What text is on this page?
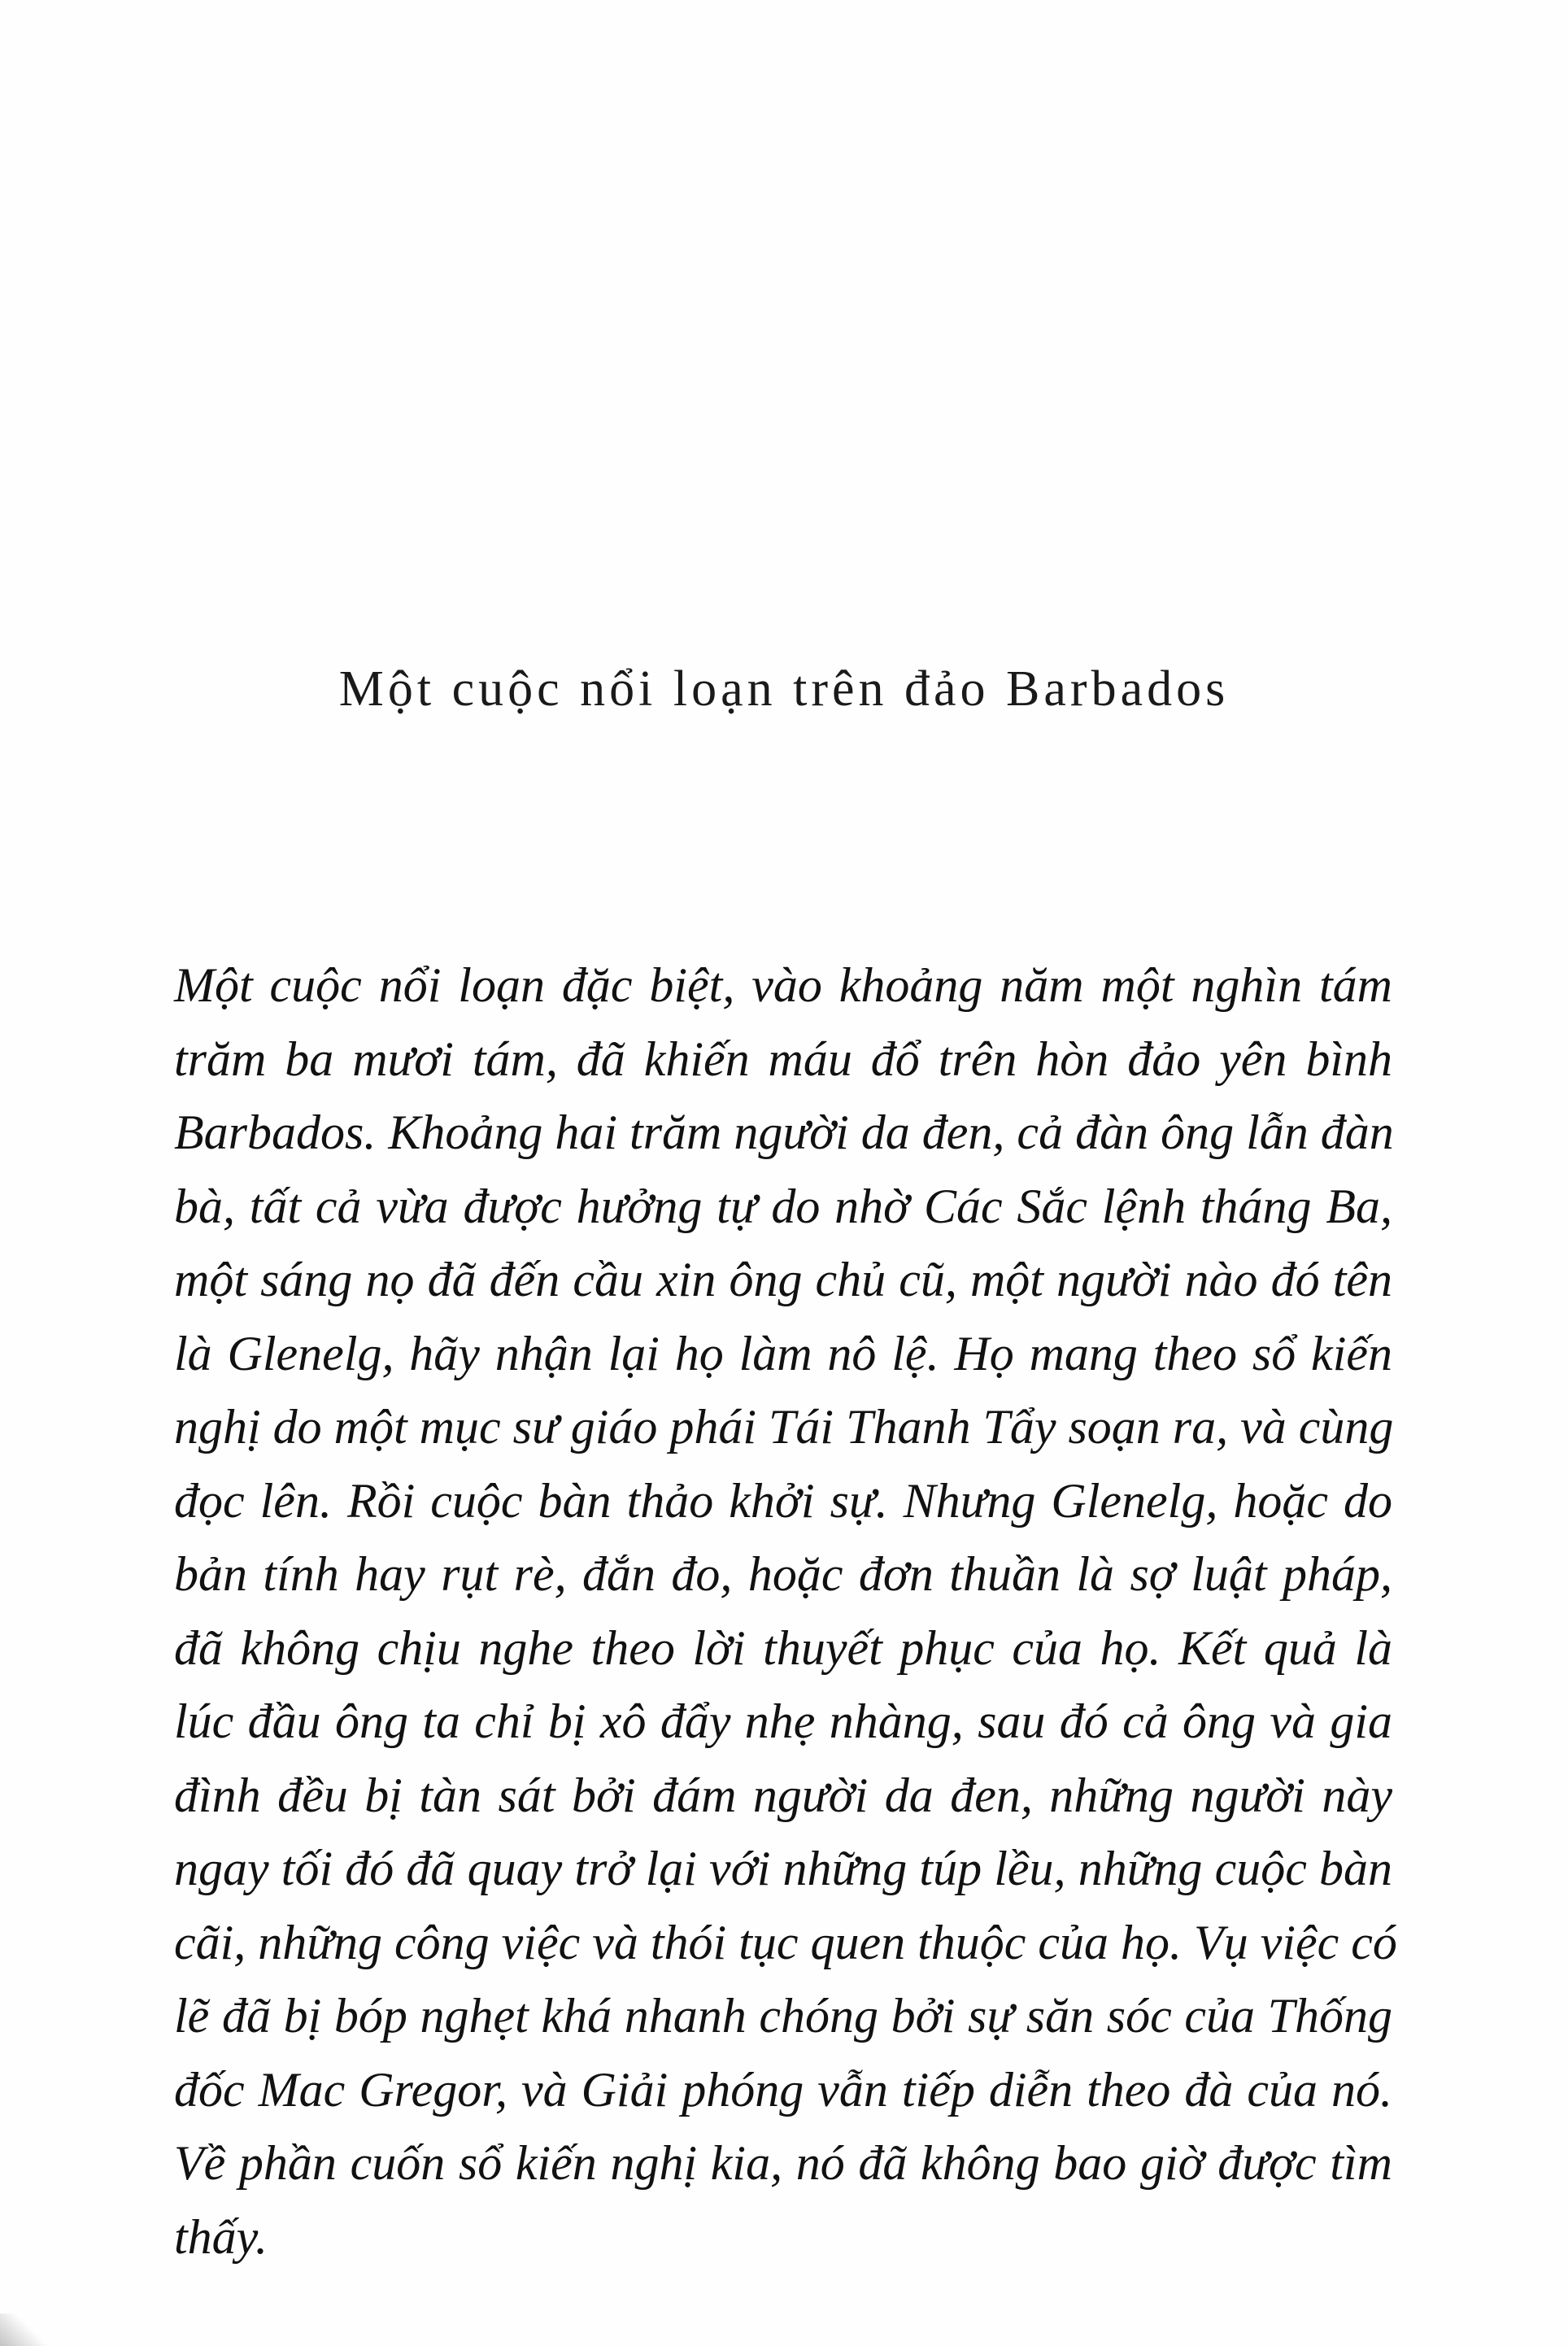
Một cuộc nổi loạn trên đảo Barbados
Một cuộc nổi loạn đặc biệt, vào khoảng năm một nghìn tám
trăm ba mươi tám, đã khiến máu đổ trên hòn đảo yên bình
Barbados. Khoảng hai trăm người da đen, cả đàn ông lẫn đàn
bà, tất cả vừa được hưởng tự do nhờ Các Sắc lệnh tháng Ba,
một sáng nọ đã đến cầu xin ông chủ cũ, một người nào đó tên
là Glenelg, hãy nhận lại họ làm nô lệ. Họ mang theo sổ kiến
nghị do một mục sư giáo phái Tái Thanh Tẩy soạn ra, và cùng
đọc lên. Rồi cuộc bàn thảo khởi sự. Nhưng Glenelg, hoặc do
bản tính hay rụt rè, đắn đo, hoặc đơn thuần là sợ luật pháp,
đã không chịu nghe theo lời thuyết phục của họ. Kết quả là
lúc đầu ông ta chỉ bị xô đẩy nhẹ nhàng, sau đó cả ông và gia
đình đều bị tàn sát bởi đám người da đen, những người này
ngay tối đó đã quay trở lại với những túp lều, những cuộc bàn
cãi, những công việc và thói tục quen thuộc của họ. Vụ việc có
lẽ đã bị bóp nghẹt khá nhanh chóng bởi sự săn sóc của Thống
đốc Mac Gregor, và Giải phóng vẫn tiếp diễn theo đà của nó.
Về phần cuốn sổ kiến nghị kia, nó đã không bao giờ được tìm
thấy.
